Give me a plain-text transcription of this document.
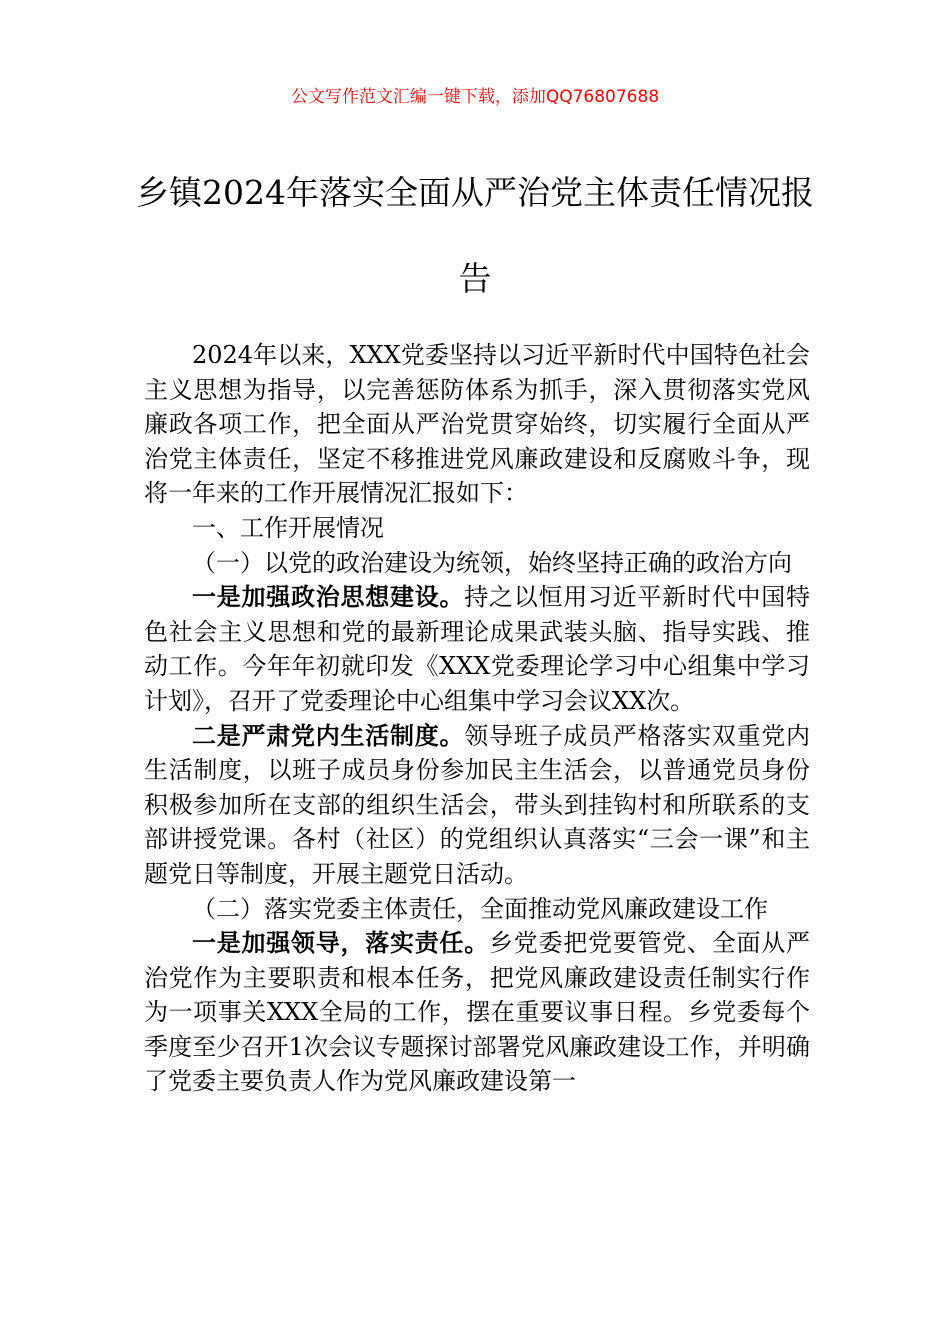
公文写作范文汇编一键下载，添加QQ76807688
乡镇2024年落实全面从严治党主体责任情况报告

2024年以来，XXX党委坚持以习近平新时代中国特色社会主义思想为指导，以完善惩防体系为抓手，深入贯彻落实党风廉政各项工作，把全面从严治党贯穿始终，切实履行全面从严治党主体责任，坚定不移推进党风廉政建设和反腐败斗争，现将一年来的工作开展情况汇报如下：

一、工作开展情况

（一）以党的政治建设为统领，始终坚持正确的政治方向

一是加强政治思想建设。持之以恒用习近平新时代中国特色社会主义思想和党的最新理论成果武装头脑、指导实践、推动工作。今年年初就印发《XXX党委理论学习中心组集中学习计划》，召开了党委理论中心组集中学习会议XX次。

二是严肃党内生活制度。领导班子成员严格落实双重党内生活制度，以班子成员身份参加民主生活会，以普通党员身份积极参加所在支部的组织生活会，带头到挂钩村和所联系的支部讲授党课。各村（社区）的党组织认真落实“三会一课”和主题党日等制度，开展主题党日活动。

（二）落实党委主体责任，全面推动党风廉政建设工作

一是加强领导，落实责任。乡党委把党要管党、全面从严治党作为主要职责和根本任务，把党风廉政建设责任制实行作为一项事关XXX全局的工作，摆在重要议事日程。乡党委每个季度至少召开1次会议专题探讨部署党风廉政建设工作，并明确了党委主要负责人作为党风廉政建设第一
